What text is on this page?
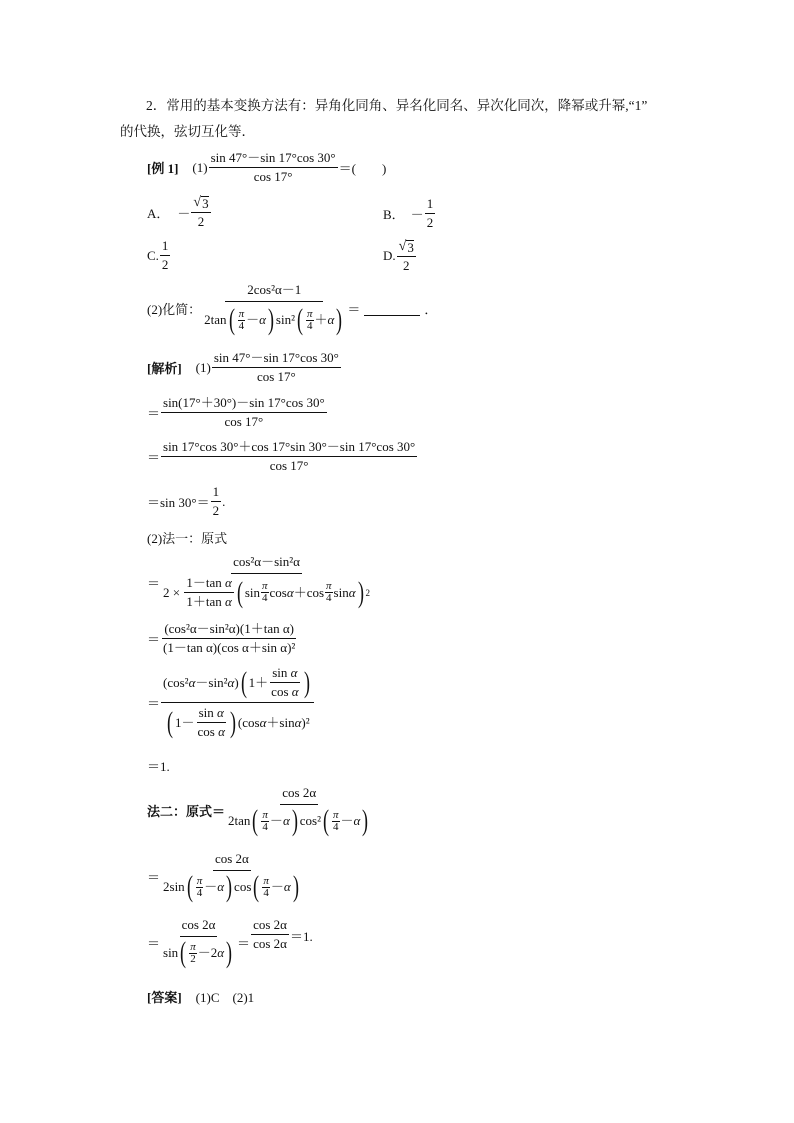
2．常用的基本变换方法有：异角化同角、异名化同名、异次化同次，降幂或升幂,“1”
的代换，弦切互化等．
[例 1] $(1) \frac{\sin 47^\circ-\sin 17^\circ\cos 30^\circ}{\cos 17^\circ}$ ＝(　　)
A． － $\frac{√ 3}{2}$	B． － $\frac{1}{2}$
C. $\frac{1}{2}$	D. $\frac{√ 3}{2}$
(2)化简： $\frac{\text{2cos²α－1}}{2\tan ( \frac{\pi}{4} - \alpha ) \sin^2 ( \frac{\pi}{4} + \alpha )}$ ＝	．
[解析] $(1) \frac{\sin 47^\circ-\sin 17^\circ\cos 30^\circ}{\cos 17^\circ}$
＝ $\frac{\sin(17^\circ+30^\circ)-\sin 17^\circ\cos 30^\circ}{\cos 17^\circ}$
＝ $\frac{\sin 17^\circ\cos 30^\circ+\cos 17^\circ\sin 30^\circ-\sin 17^\circ\cos 30^\circ}{\cos 17^\circ}$
＝sin $30^\circ= \frac{1}{2}$ .
(2)法一：原式
＝ $\frac{\text{cos²α－sin²α}}{2 \times \frac{\text{1－tan α}}{\text{1＋tan α}} ( \sin \frac{\pi}{4} \cos \alpha +\cos \frac{\pi}{4} \sin \alpha ) 2}$
＝ $\frac{\text{(cos²α－sin²α)(1＋tan α)}}{\text{(1－tan α)(cos α＋sin α)²}}$
＝ $\frac{(\cos^2 \alpha -\sin^2 \alpha ) ( 1+ \frac{\text{sin α}}{\text{cos α}} )}{( 1- \frac{\text{sin α}}{\text{cos α}} ) (\cos \alpha +\sin \alpha )^2}$
＝1.
法二：原式＝ $\frac{\cos 2\alpha}{2\tan ( \frac{\pi}{4} - \alpha ) \cos^2 ( \frac{\pi}{4} - \alpha )}$
＝ $\frac{\cos 2\alpha}{2\sin ( \frac{\pi}{4} - \alpha ) \cos ( \frac{\pi}{4} - \alpha )}$
＝ $\frac{\cos 2\alpha}{\sin ( \frac{\pi}{2} -2 \alpha )} = \frac{\cos 2\alpha}{\cos 2\alpha} =1$.
[答案] (1)C　(2)1
